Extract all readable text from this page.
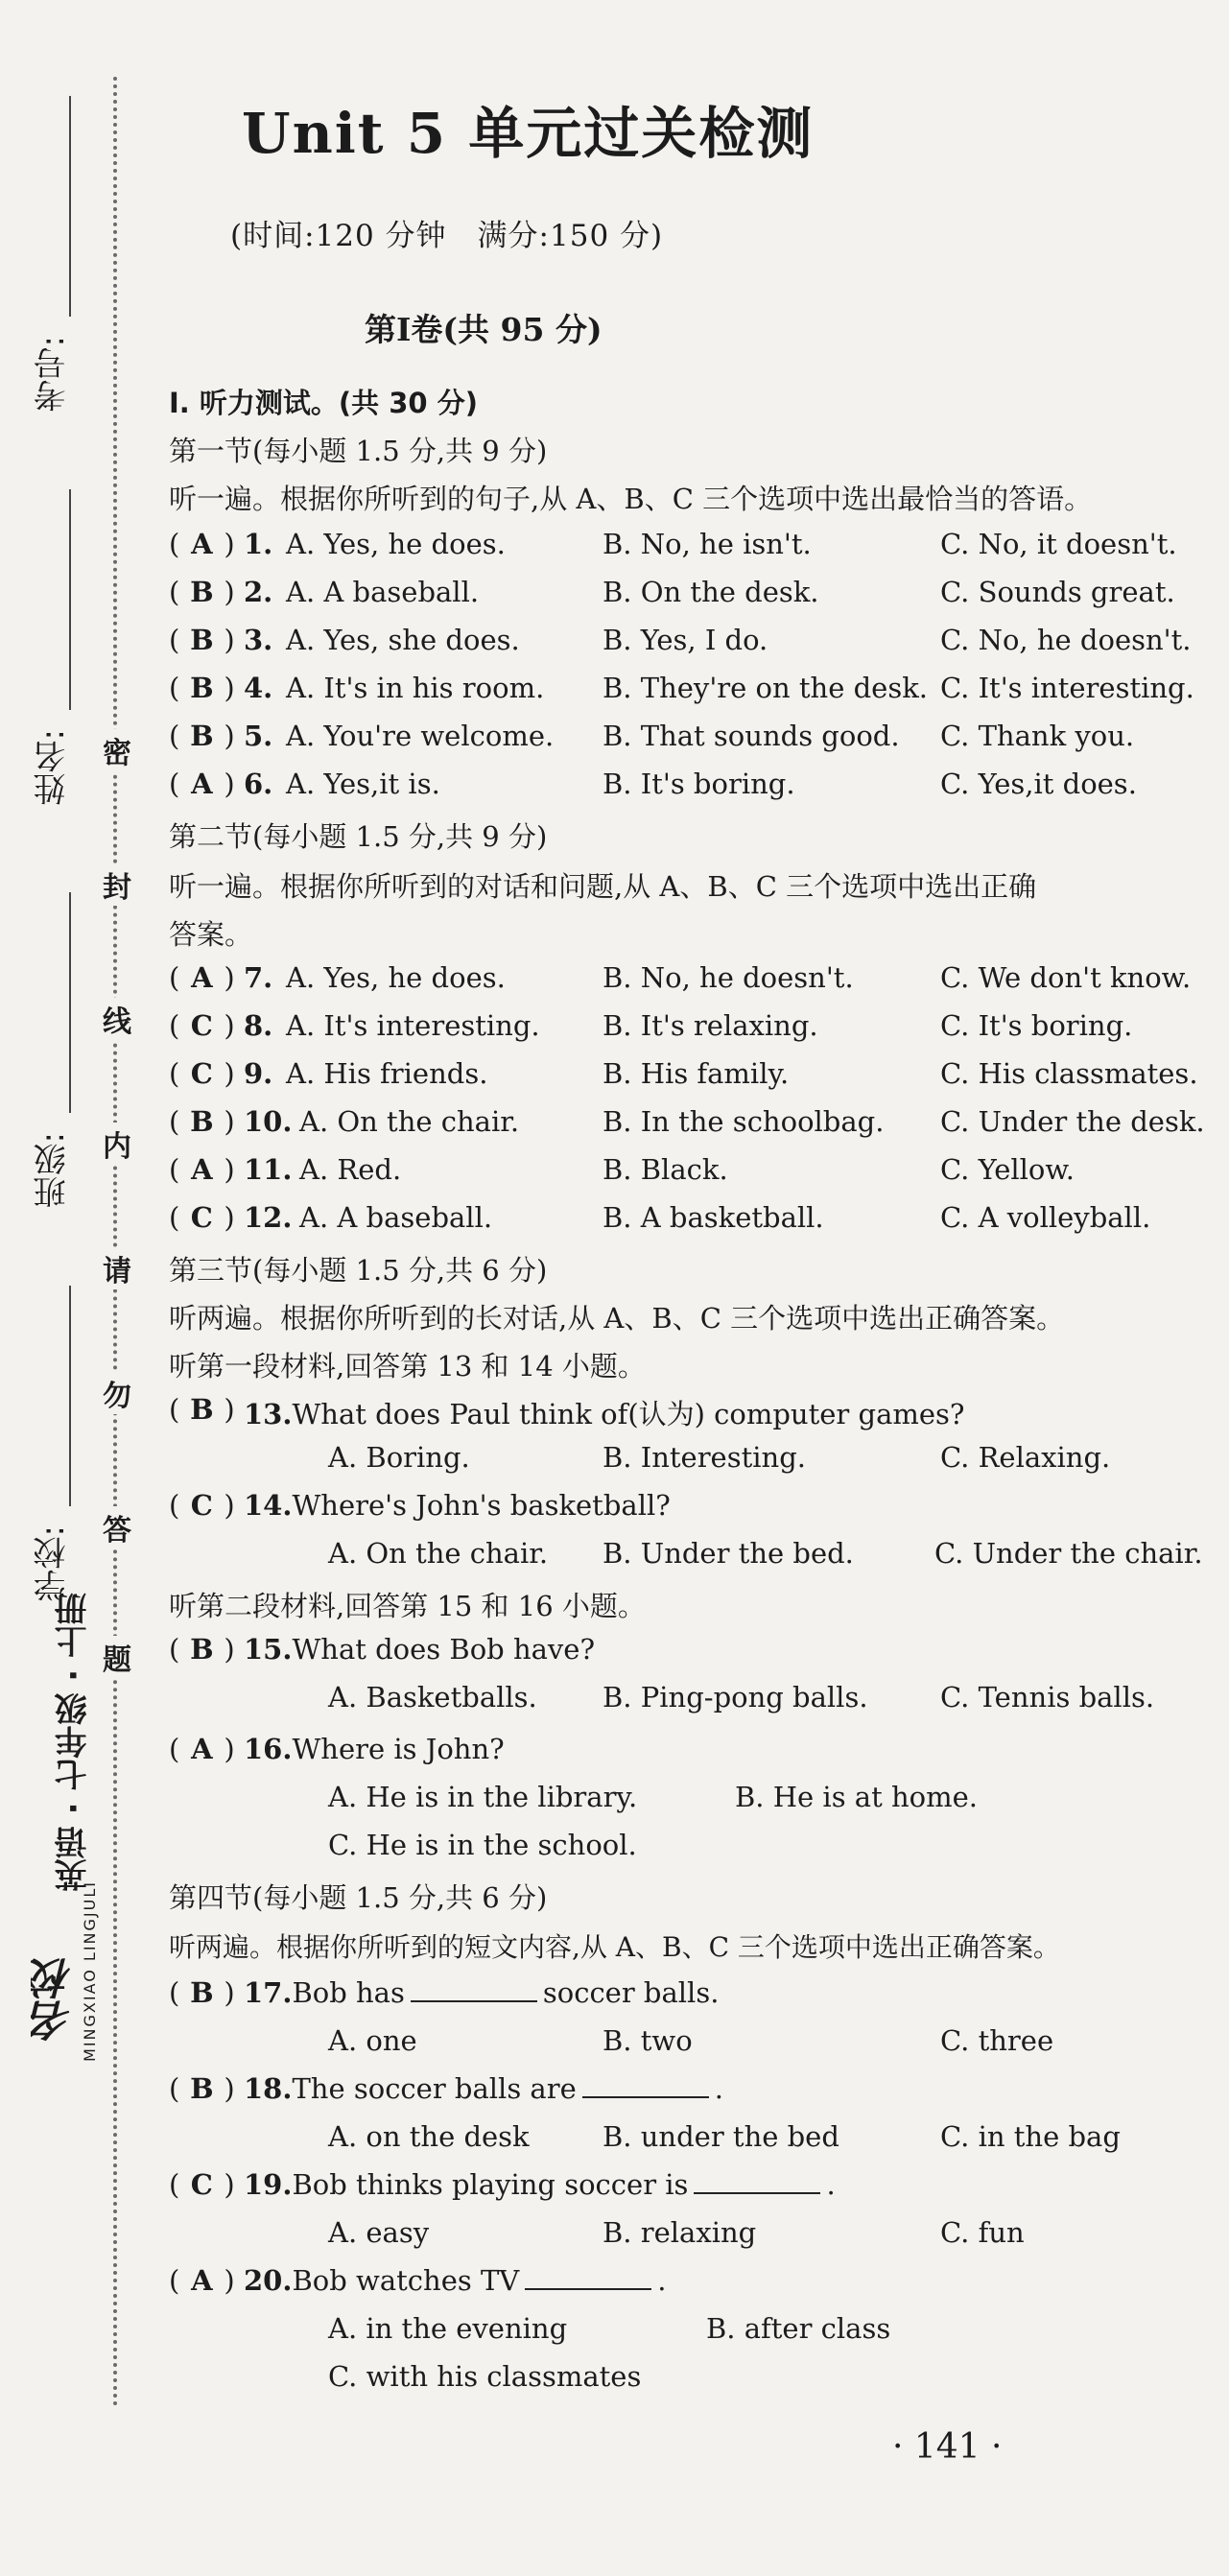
密
封
线
内
请
勿
答
题
考号:
姓名:
班级:
学校:
英语 · 七年级 · 上册
名校 MINGXIAO LINGJULI
Unit 5 单元过关检测
(时间:120 分钟　满分:150 分)
第Ⅰ卷(共 95 分)
Ⅰ. 听力测试。(共 30 分)
第一节(每小题 1.5 分,共 9 分)
听一遍。根据你所听到的句子,从 A、B、C 三个选项中选出最恰当的答语。
( A ) 1. A. Yes, he does.	B. No, he isn't.	C. No, it doesn't.
( B ) 2. A. A baseball.	B. On the desk.	C. Sounds great.
( B ) 3. A. Yes, she does.	B. Yes, I do.	C. No, he doesn't.
( B ) 4. A. It's in his room. B. They're on the desk. C. It's interesting.
( B ) 5. A. You're welcome. B. That sounds good. C. Thank you.
( A ) 6. A. Yes,it is.	B. It's boring.	C. Yes,it does.
第二节(每小题 1.5 分,共 9 分)
听一遍。根据你所听到的对话和问题,从 A、B、C 三个选项中选出正确
答案。
( A ) 7. A. Yes, he does.	B. No, he doesn't.	C. We don't know.
( C ) 8. A. It's interesting. B. It's relaxing.	C. It's boring.
( C ) 9. A. His friends.	B. His family.	C. His classmates.
( B ) 10. A. On the chair.	B. In the schoolbag. C. Under the desk.
( A ) 11. A. Red.	B. Black.	C. Yellow.
( C ) 12. A. A baseball.	B. A basketball.	C. A volleyball.
第三节(每小题 1.5 分,共 6 分)
听两遍。根据你所听到的长对话,从 A、B、C 三个选项中选出正确答案。
听第一段材料,回答第 13 和 14 小题。
( B ) 13.What does Paul think of(认为) computer games?
A. Boring.	B. Interesting.	C. Relaxing.
( C ) 14.Where's John's basketball?
A. On the chair. B. Under the bed.	C. Under the chair.
听第二段材料,回答第 15 和 16 小题。
( B ) 15.What does Bob have?
A. Basketballs. B. Ping-pong balls.	C. Tennis balls.
( A ) 16.Where is John?
A. He is in the library.	B. He is at home.
C. He is in the school.
第四节(每小题 1.5 分,共 6 分)
听两遍。根据你所听到的短文内容,从 A、B、C 三个选项中选出正确答案。
( B ) 17.Bob has	soccer balls.
A. one	B. two	C. three
( B ) 18.The soccer balls are	.
A. on the desk	B. under the bed	C. in the bag
( C ) 19.Bob thinks playing soccer is	.
A. easy	B. relaxing	C. fun
( A ) 20.Bob watches TV	.
A. in the evening	B. after class
C. with his classmates
· 141 ·
